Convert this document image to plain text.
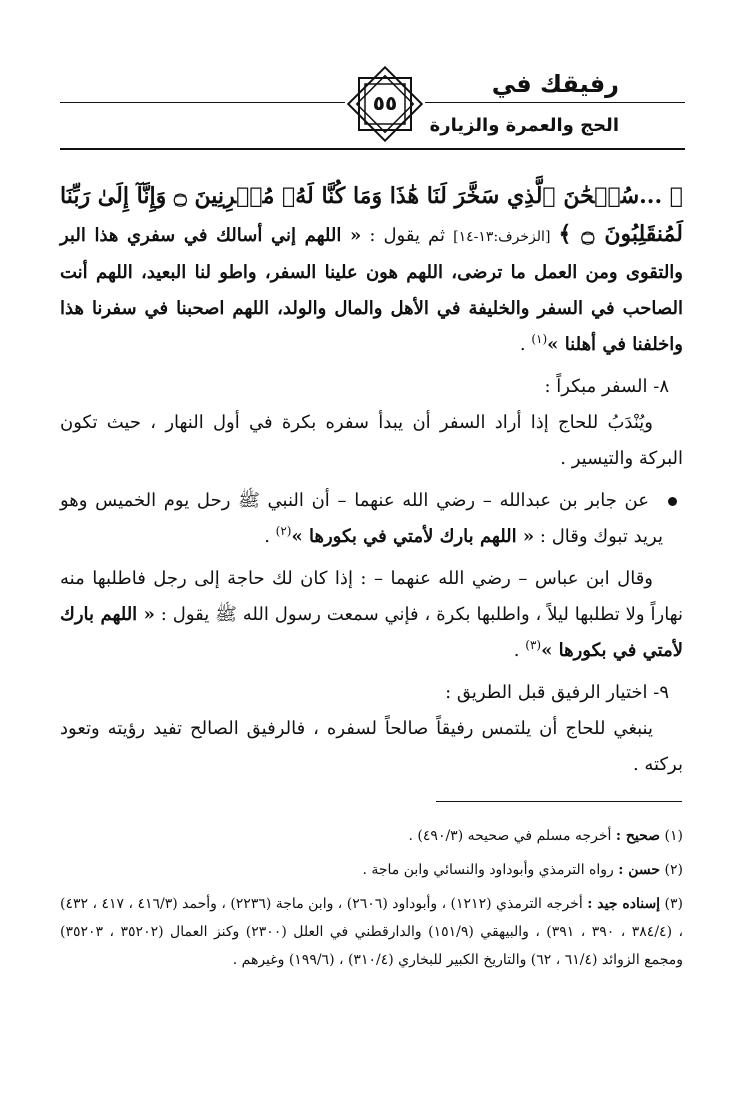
رفيقك في
الحج والعمرة والزيارة
٥٥

﴿ ...سُبۡحَٰنَ ٱلَّذِي سَخَّرَ لَنَا هَٰذَا وَمَا كُنَّا لَهُۥ مُقۡرِنِينَ ۝ وَإِنَّآ إِلَىٰ رَبِّنَا لَمُنقَلِبُونَ ۝ ﴾ [الزخرف:١٣-١٤] ثم يقول : « اللهم إني أسالك في سفري هذا البر والتقوى ومن العمل ما ترضى، اللهم هون علينا السفر، واطو لنا البعيد، اللهم أنت الصاحب في السفر والخليفة في الأهل والمال والولد، اللهم اصحبنا في سفرنا هذا واخلفنا في أهلنا »$^{(١)}$ .

٨- السفر مبكراً :

ويُنْدَبُ للحاج إذا أراد السفر أن يبدأ سفره بكرة في أول النهار ، حيث تكون البركة والتيسير .

عن جابر بن عبدالله – رضي الله عنهما – أن النبي ﷺ رحل يوم الخميس وهو يريد تبوك وقال : « اللهم بارك لأمتي في بكورها »$^{(٢)}$ .

وقال ابن عباس – رضي الله عنهما – : إذا كان لك حاجة إلى رجل فاطلبها منه نهاراً ولا تطلبها ليلاً ، واطلبها بكرة ، فإني سمعت رسول الله ﷺ يقول : « اللهم بارك لأمتي في بكورها »$^{(٣)}$ .

٩- اختيار الرفيق قبل الطريق :

ينبغي للحاج أن يلتمس رفيقاً صالحاً لسفره ، فالرفيق الصالح تفيد رؤيته وتعود بركته .

(١) صحيح : أخرجه مسلم في صحيحه (٤٩٠/٣) .

(٢) حسن : رواه الترمذي وأبوداود والنسائي وابن ماجة .

(٣) إسناده جيد : أخرجه الترمذي (١٢١٢) ، وأبوداود (٢٦٠٦) ، وابن ماجة (٢٢٣٦) ، وأحمد (٤١٦/٣ ، ٤١٧ ، ٤٣٢) ، (٣٨٤/٤ ، ٣٩٠ ، ٣٩١) ، والبيهقي (١٥١/٩) والدارقطني في العلل (٢٣٠٠) وكنز العمال (٣٥٢٠٢ ، ٣٥٢٠٣) ومجمع الزوائد (٦١/٤ ، ٦٢) والتاريخ الكبير للبخاري (٣١٠/٤) ، (١٩٩/٦) وغيرهم .
